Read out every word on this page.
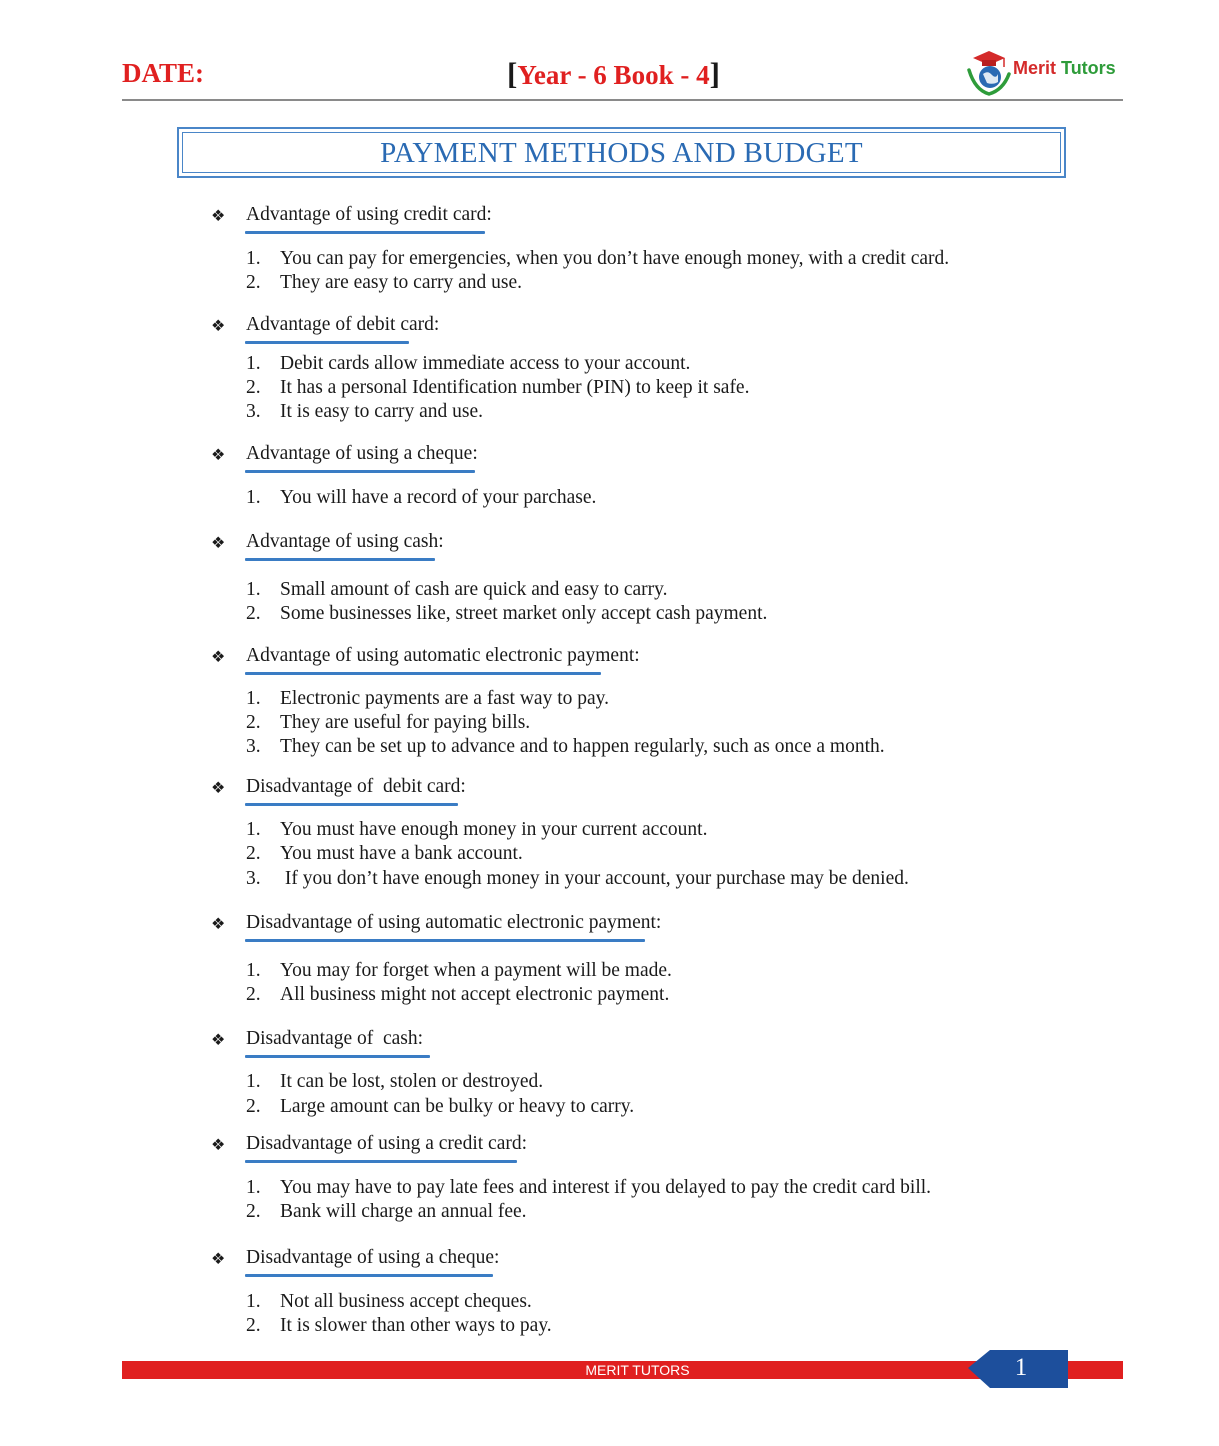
DATE:	[Year - 6 Book - 4]	Merit Tutors
PAYMENT METHODS AND BUDGET
❖ Advantage of using credit card:
1. You can pay for emergencies, when you don’t have enough money, with a credit card.
2. They are easy to carry and use.
❖ Advantage of debit card:
1. Debit cards allow immediate access to your account.
2. It has a personal Identification number (PIN) to keep it safe.
3. It is easy to carry and use.
❖ Advantage of using a cheque:
1. You will have a record of your parchase.
❖ Advantage of using cash:
1. Small amount of cash are quick and easy to carry.
2. Some businesses like, street market only accept cash payment.
❖ Advantage of using automatic electronic payment:
1. Electronic payments are a fast way to pay.
2. They are useful for paying bills.
3. They can be set up to advance and to happen regularly, such as once a month.
❖ Disadvantage of  debit card:
1. You must have enough money in your current account.
2. You must have a bank account.
3. If you don’t have enough money in your account, your purchase may be denied.
❖ Disadvantage of using automatic electronic payment:
1. You may for forget when a payment will be made.
2. All business might not accept electronic payment.
❖ Disadvantage of  cash:
1. It can be lost, stolen or destroyed.
2. Large amount can be bulky or heavy to carry.
❖ Disadvantage of using a credit card:
1. You may have to pay late fees and interest if you delayed to pay the credit card bill.
2. Bank will charge an annual fee.
❖ Disadvantage of using a cheque:
1. Not all business accept cheques.
2. It is slower than other ways to pay.
MERIT TUTORS	1
